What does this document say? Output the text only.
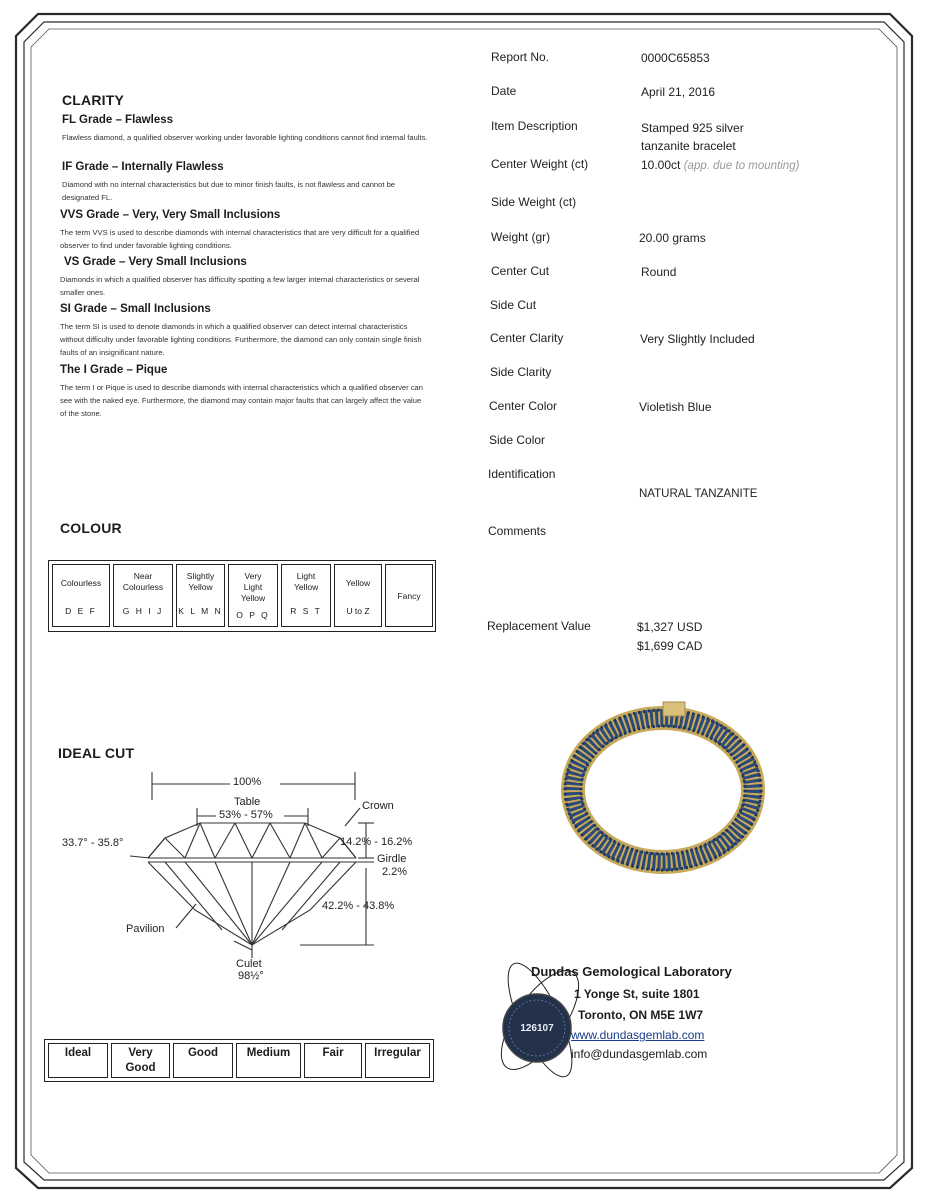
CLARITY
FL Grade – Flawless
Flawless diamond, a qualified observer working under favorable lighting conditions cannot find internal faults.
IF Grade – Internally Flawless
Diamond with no internal characteristics but due to minor finish faults, is not flawless and cannot be designated FL.
VVS Grade – Very, Very Small Inclusions
The term VVS is used to describe diamonds with internal characteristics that are very difficult for a qualified observer to find under favorable lighting conditions.
VS Grade – Very Small Inclusions
Diamonds in which a qualified observer has difficulty spotting a few larger internal characteristics or several smaller ones.
SI Grade – Small Inclusions
The term SI is used to denote diamonds in which a qualified observer can detect internal characteristics without difficulty under favorable lighting conditions. Furthermore, the diamond can only contain single finish faults of an insignificant nature.
The I Grade – Pique
The term I or Pique is used to describe diamonds with internal characteristics which a qualified observer can see with the naked eye. Furthermore, the diamond may contain major faults that can largely affect the value of the stone.
COLOUR
Colourless
D E F
Near Colourless
G H I J
Slightly Yellow
K L M N
Very Light Yellow
O P Q
Light Yellow
R S T
Yellow
U to Z
Fancy
IDEAL CUT
100%
Table
53% - 57%
Crown
33.7° - 35.8°	14.2% - 16.2%
Girdle
2.2%
42.2% - 43.8%
Pavilion
Culet
98½°
Ideal	Very Good
Good	Medium	Fair	Irregular
Report No.	0000C65853
Date	April 21, 2016
Item Description	Stamped 925 silver tanzanite bracelet
Center Weight (ct)	10.00ct (app. due to mounting)
Side Weight (ct)
Weight (gr)	20.00 grams
Center Cut	Round
Side Cut
Center Clarity	Very Slightly Included
Side Clarity
Center Color	Violetish Blue
Side Color
Identification
NATURAL TANZANITE
Comments
Replacement Value	$1,327 USD
$1,699 CAD
126107
Dundas Gemological Laboratory
1 Yonge St, suite 1801
Toronto, ON M5E 1W7
www.dundasgemlab.com
info@dundasgemlab.com
